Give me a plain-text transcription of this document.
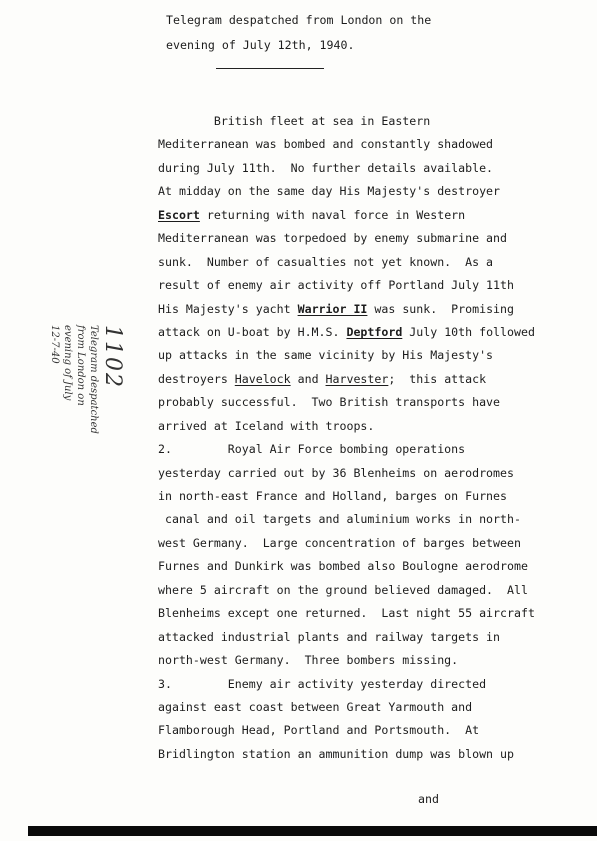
Telegram despatched from London on the
evening of July 12th, 1940.
British fleet at sea in Eastern
Mediterranean was bombed and constantly shadowed
during July 11th.  No further details available.
At midday on the same day His Majesty's destroyer
Escort returning with naval force in Western
Mediterranean was torpedoed by enemy submarine and
sunk.  Number of casualties not yet known.  As a
result of enemy air activity off Portland July 11th
His Majesty's yacht Warrior II was sunk.  Promising
attack on U-boat by H.M.S. Deptford July 10th followed
up attacks in the same vicinity by His Majesty's
destroyers Havelock and Harvester;  this attack
probably successful.  Two British transports have
arrived at Iceland with troops.
2.        Royal Air Force bombing operations
yesterday carried out by 36 Blenheims on aerodromes
in north-east France and Holland, barges on Furnes
canal and oil targets and aluminium works in north-
west Germany.  Large concentration of barges between
Furnes and Dunkirk was bombed also Boulogne aerodrome
where 5 aircraft on the ground believed damaged.  All
Blenheims except one returned.  Last night 55 aircraft
attacked industrial plants and railway targets in
north-west Germany.  Three bombers missing.
3.        Enemy air activity yesterday directed
against east coast between Great Yarmouth and
Flamborough Head, Portland and Portsmouth.  At
Bridlington station an ammunition dump was blown up
and
1102
Telegram despatched
from London on
evening of July
12-7-40
